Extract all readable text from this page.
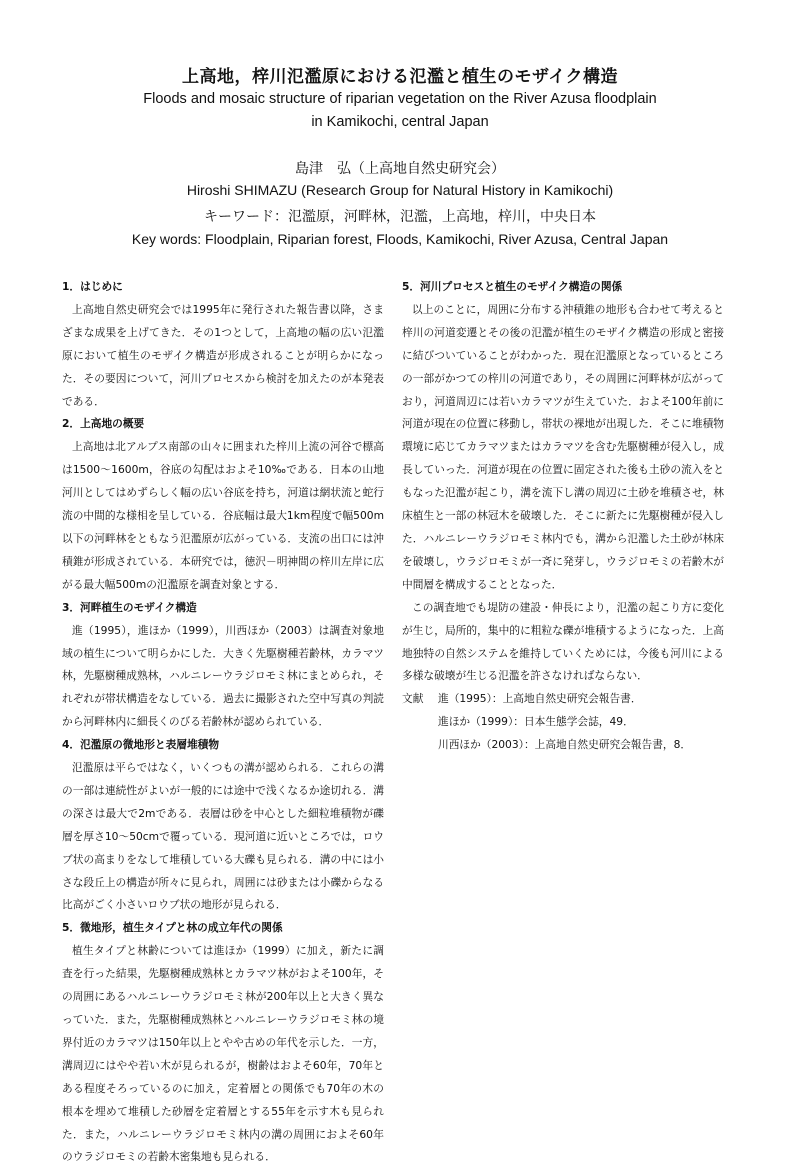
上高地，梓川氾濫原における氾濫と植生のモザイク構造
Floods and mosaic structure of riparian vegetation on the River Azusa floodplain
in Kamikochi, central Japan
島津　弘（上高地自然史研究会）
Hiroshi SHIMAZU (Research Group for Natural History in Kamikochi)
キーワード：氾濫原，河畔林，氾濫，上高地，梓川，中央日本
Key words: Floodplain, Riparian forest, Floods, Kamikochi, River Azusa, Central Japan

1．はじめに

上高地自然史研究会では1995年に発行された報告書以降，さまざまな成果を上げてきた．その1つとして，上高地の幅の広い氾濫原において植生のモザイク構造が形成されることが明らかになった．その要因について，河川プロセスから検討を加えたのが本発表である．

2．上高地の概要

上高地は北アルプス南部の山々に囲まれた梓川上流の河谷で標高は1500～1600m，谷底の勾配はおよそ10‰である．日本の山地河川としてはめずらしく幅の広い谷底を持ち，河道は網状流と蛇行流の中間的な様相を呈している．谷底幅は最大1km程度で幅500m以下の河畔林をともなう氾濫原が広がっている．支流の出口には沖積錐が形成されている．本研究では，徳沢－明神間の梓川左岸に広がる最大幅500mの氾濫原を調査対象とする．

3．河畔植生のモザイク構造

進（1995），進ほか（1999），川西ほか（2003）は調査対象地域の植生について明らかにした．大きく先駆樹種若齢林，カラマツ林，先駆樹種成熟林，ハルニレーウラジロモミ林にまとめられ，それぞれが帯状構造をなしている．過去に撮影された空中写真の判読から河畔林内に細長くのびる若齢林が認められている．

4．氾濫原の微地形と表層堆積物

氾濫原は平らではなく，いくつもの溝が認められる．これらの溝の一部は連続性がよいが一般的には途中で浅くなるか途切れる．溝の深さは最大で2mである．表層は砂を中心とした細粒堆積物が礫層を厚さ10～50cmで覆っている．現河道に近いところでは，ロウブ状の高まりをなして堆積している大礫も見られる．溝の中には小さな段丘上の構造が所々に見られ，周囲には砂または小礫からなる比高がごく小さいロウブ状の地形が見られる．

5．微地形，植生タイプと林の成立年代の関係

植生タイプと林齢については進ほか（1999）に加え，新たに調査を行った結果，先駆樹種成熟林とカラマツ林がおよそ100年，その周囲にあるハルニレーウラジロモミ林が200年以上と大きく異なっていた．また，先駆樹種成熟林とハルニレーウラジロモミ林の境界付近のカラマツは150年以上とやや古めの年代を示した．一方，溝周辺にはやや若い木が見られるが，樹齢はおよそ60年，70年とある程度そろっているのに加え，定着層との関係でも70年の木の根本を埋めて堆積した砂層を定着層とする55年を示す木も見られた．また，ハルニレーウラジロモミ林内の溝の周囲におよそ60年のウラジロモミの若齢木密集地も見られる．

5．河川プロセスと植生のモザイク構造の関係

以上のことに，周囲に分布する沖積錐の地形も合わせて考えると梓川の河道変遷とその後の氾濫が植生のモザイク構造の形成と密接に結びついていることがわかった．現在氾濫原となっているところの一部がかつての梓川の河道であり，その周囲に河畔林が広がっており，河道周辺には若いカラマツが生えていた．およそ100年前に河道が現在の位置に移動し，帯状の裸地が出現した．そこに堆積物環境に応じてカラマツまたはカラマツを含む先駆樹種が侵入し，成長していった．河道が現在の位置に固定された後も土砂の流入をともなった氾濫が起こり，溝を流下し溝の周辺に土砂を堆積させ，林床植生と一部の林冠木を破壊した．そこに新たに先駆樹種が侵入した．ハルニレーウラジロモミ林内でも，溝から氾濫した土砂が林床を破壊し，ウラジロモミが一斉に発芽し，ウラジロモミの若齢木が中間層を構成することとなった．

この調査地でも堤防の建設・伸長により，氾濫の起こり方に変化が生じ，局所的，集中的に粗粒な礫が堆積するようになった．上高地独特の自然システムを維持していくためには，今後も河川による多様な破壊が生じる氾濫を許さなければならない．

文献 進（1995）：上高地自然史研究会報告書．
進ほか（1999）：日本生態学会誌，49．
川西ほか（2003）：上高地自然史研究会報告書，8．
